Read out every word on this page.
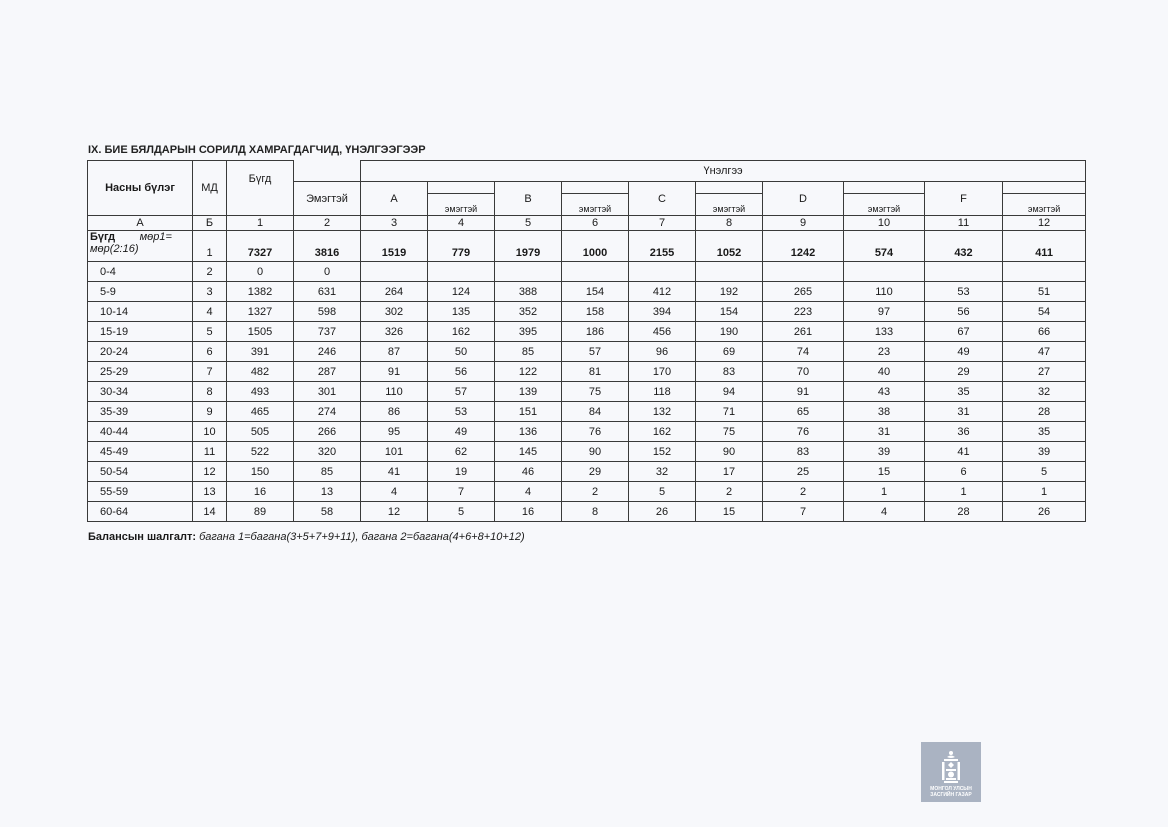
IX. БИЕ БЯЛДАРЫН СОРИЛД ХАМРАГДАГЧИД, ҮНЭЛГЭЭГЭЭР
Насны бүлэг	МД	Бүгд		Үнэлгээ									
			Эмэгтэй	A		B		C		D		F	
					эмэгтэй		эмэгтэй		эмэгтэй		эмэгтэй		эмэгтэй
А	Б	1	2	3	4	5	6	7	8	9	10	11	12
Бүгд мөр1= мөр(2:16)	1	7327	3816	1519	779	1979	1000	2155	1052	1242	574	432	411
0-4	2	0	0										
5-9	3	1382	631	264	124	388	154	412	192	265	110	53	51
10-14	4	1327	598	302	135	352	158	394	154	223	97	56	54
15-19	5	1505	737	326	162	395	186	456	190	261	133	67	66
20-24	6	391	246	87	50	85	57	96	69	74	23	49	47
25-29	7	482	287	91	56	122	81	170	83	70	40	29	27
30-34	8	493	301	110	57	139	75	118	94	91	43	35	32
35-39	9	465	274	86	53	151	84	132	71	65	38	31	28
40-44	10	505	266	95	49	136	76	162	75	76	31	36	35
45-49	11	522	320	101	62	145	90	152	90	83	39	41	39
50-54	12	150	85	41	19	46	29	32	17	25	15	6	5
55-59	13	16	13	4	7	4	2	5	2	2	1	1	1
60-64	14	89	58	12	5	16	8	26	15	7	4	28	26
Балансын шалгалт: багана 1=багана(3+5+7+9+11), багана 2=багана(4+6+8+10+12)
МОНГОЛ УЛСЫН
ЗАСГИЙН ГАЗАР
